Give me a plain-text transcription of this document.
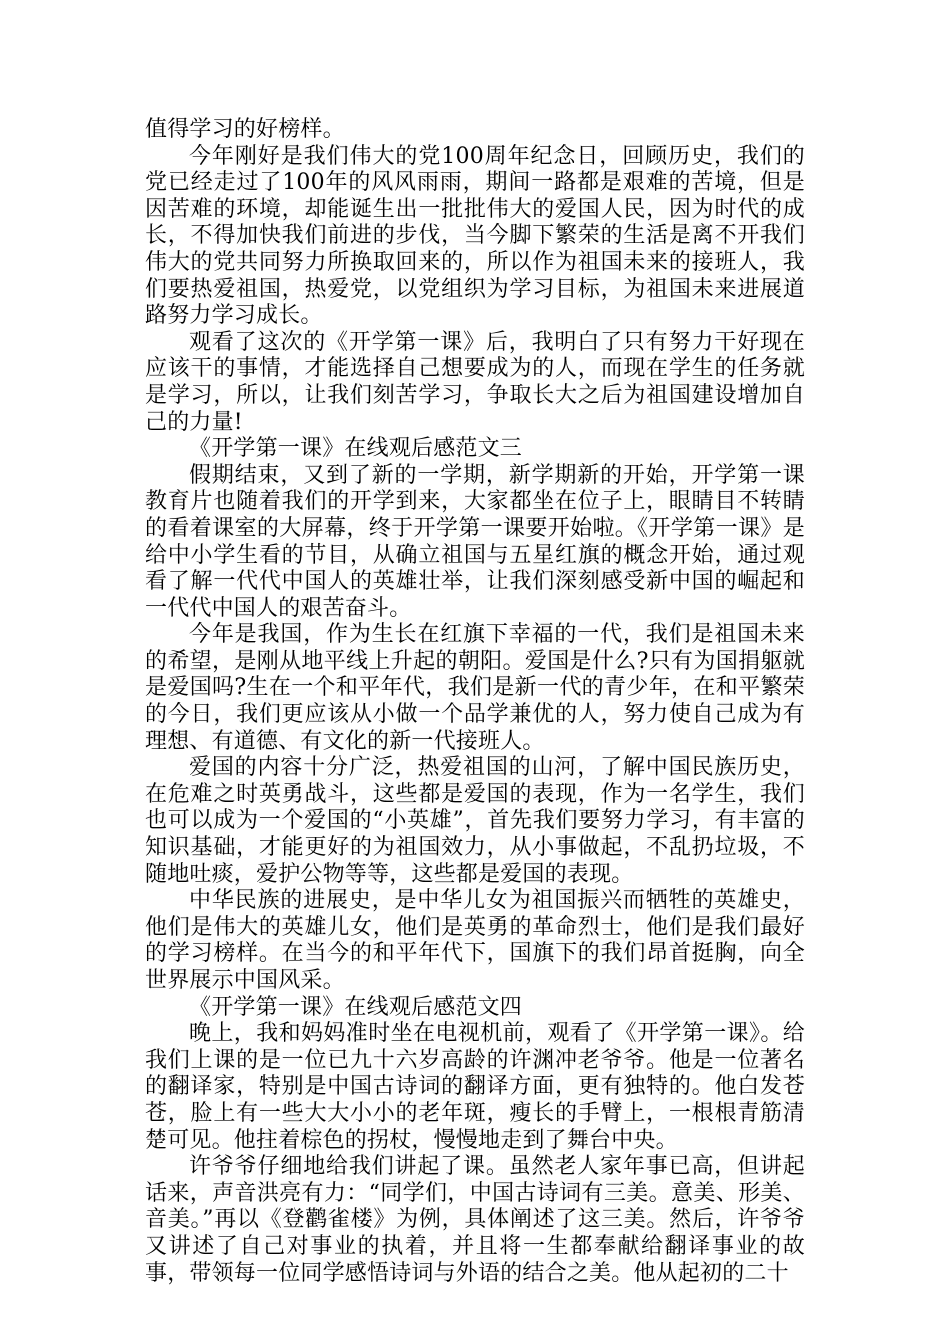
值得学习的好榜样。

今年刚好是我们伟大的党100周年纪念日，回顾历史，我们的党已经走过了100年的风风雨雨，期间一路都是艰难的苦境，但是因苦难的环境，却能诞生出一批批伟大的爱国人民，因为时代的成长，不得加快我们前进的步伐，当今脚下繁荣的生活是离不开我们伟大的党共同努力所换取回来的，所以作为祖国未来的接班人，我们要热爱祖国，热爱党，以党组织为学习目标，为祖国未来进展道路努力学习成长。

观看了这次的《开学第一课》后，我明白了只有努力干好现在应该干的事情，才能选择自己想要成为的人，而现在学生的任务就是学习，所以，让我们刻苦学习，争取长大之后为祖国建设增加自己的力量!

《开学第一课》在线观后感范文三

假期结束，又到了新的一学期，新学期新的开始，开学第一课教育片也随着我们的开学到来，大家都坐在位子上，眼睛目不转睛的看着课室的大屏幕，终于开学第一课要开始啦。《开学第一课》是给中小学生看的节目，从确立祖国与五星红旗的概念开始，通过观看了解一代代中国人的英雄壮举，让我们深刻感受新中国的崛起和一代代中国人的艰苦奋斗。

今年是我国，作为生长在红旗下幸福的一代，我们是祖国未来的希望，是刚从地平线上升起的朝阳。爱国是什么?只有为国捐躯就是爱国吗?生在一个和平年代，我们是新一代的青少年，在和平繁荣的今日，我们更应该从小做一个品学兼优的人，努力使自己成为有理想、有道德、有文化的新一代接班人。

爱国的内容十分广泛，热爱祖国的山河，了解中国民族历史，在危难之时英勇战斗，这些都是爱国的表现，作为一名学生，我们也可以成为一个爱国的“小英雄”，首先我们要努力学习，有丰富的知识基础，才能更好的为祖国效力，从小事做起，不乱扔垃圾，不随地吐痰，爱护公物等等，这些都是爱国的表现。

中华民族的进展史，是中华儿女为祖国振兴而牺牲的英雄史，他们是伟大的英雄儿女，他们是英勇的革命烈士，他们是我们最好的学习榜样。在当今的和平年代下，国旗下的我们昂首挺胸，向全世界展示中国风采。

《开学第一课》在线观后感范文四

晚上，我和妈妈准时坐在电视机前，观看了《开学第一课》。给我们上课的是一位已九十六岁高龄的许渊冲老爷爷。他是一位著名的翻译家，特别是中国古诗词的翻译方面，更有独特的。他白发苍苍，脸上有一些大大小小的老年斑，瘦长的手臂上，一根根青筋清楚可见。他拄着棕色的拐杖，慢慢地走到了舞台中央。

许爷爷仔细地给我们讲起了课。虽然老人家年事已高，但讲起话来，声音洪亮有力：“同学们，中国古诗词有三美。意美、形美、音美。”再以《登鹳雀楼》为例，具体阐述了这三美。然后，许爷爷又讲述了自己对事业的执着，并且将一生都奉献给翻译事业的故事，带领每一位同学感悟诗词与外语的结合之美。他从起初的二十
